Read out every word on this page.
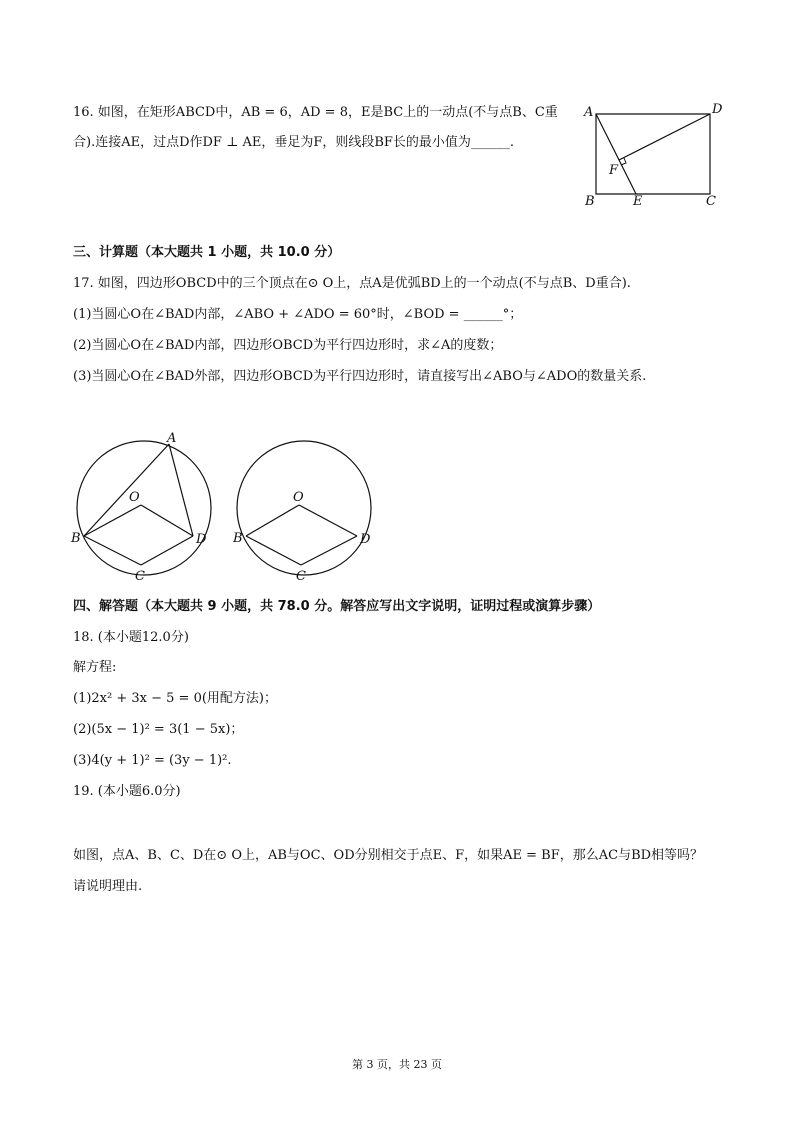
16. 如图，在矩形ABCD中，AB = 6，AD = 8，E是BC上的一动点(不与点B、C重
合).连接AE，过点D作DF ⊥ AE，垂足为F，则线段BF长的最小值为______.
A	D
F
B	E	C
三、计算题（本大题共 1 小题，共 10.0 分）
17. 如图，四边形OBCD中的三个顶点在⊙ O上，点A是优弧BD上的一个动点(不与点B、D重合).
(1)当圆心O在∠BAD内部，∠ABO + ∠ADO = 60°时，∠BOD = ______°；
(2)当圆心O在∠BAD内部，四边形OBCD为平行四边形时，求∠A的度数；
(3)当圆心O在∠BAD外部，四边形OBCD为平行四边形时，请直接写出∠ABO与∠ADO的数量关系.
A
O
B	D
C
O
B	D
C
四、解答题（本大题共 9 小题，共 78.0 分。解答应写出文字说明，证明过程或演算步骤）
18. (本小题12.0分)
解方程:
(1)2x² + 3x − 5 = 0(用配方法)；
(2)(5x − 1)² = 3(1 − 5x)；
(3)4(y + 1)² = (3y − 1)².
19. (本小题6.0分)
如图，点A、B、C、D在⊙ O上，AB与OC、OD分别相交于点E、F，如果AE = BF，那么AC与BD相等吗？
请说明理由.
第 3 页，共 23 页
